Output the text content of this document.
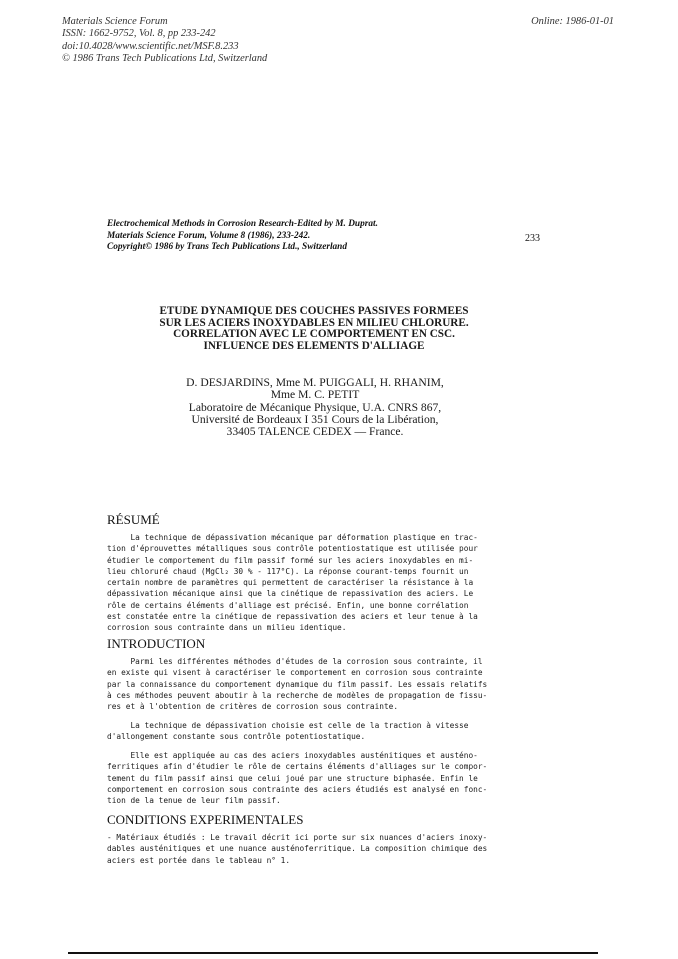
Materials Science Forum
ISSN: 1662-9752, Vol. 8, pp 233-242
doi:10.4028/www.scientific.net/MSF.8.233
© 1986 Trans Tech Publications Ltd, Switzerland
Online: 1986-01-01
Electrochemical Methods in Corrosion Research-Edited by M. Duprat.
Materials Science Forum, Volume 8 (1986), 233-242.
Copyright© 1986 by Trans Tech Publications Ltd., Switzerland
233
ETUDE DYNAMIQUE DES COUCHES PASSIVES FORMEES SUR LES ACIERS INOXYDABLES EN MILIEU CHLORURE. CORRELATION AVEC LE COMPORTEMENT EN CSC. INFLUENCE DES ELEMENTS D'ALLIAGE
D. DESJARDINS, Mme M. PUIGGALI, H. RHANIM,
Mme M. C. PETIT
Laboratoire de Mécanique Physique, U.A. CNRS 867,
Université de Bordeaux I 351 Cours de la Libération,
33405 TALENCE CEDEX — France.
RÉSUMÉ
La technique de dépassivation mécanique par déformation plastique en trac-
tion d'éprouvettes métalliques sous contrôle potentiostatique est utilisée pour
étudier le comportement du film passif formé sur les aciers inoxydables en mi-
lieu chloruré chaud (MgCl₂ 30 % - 117°C). La réponse courant-temps fournit un
certain nombre de paramètres qui permettent de caractériser la résistance à la
dépassivation mécanique ainsi que la cinétique de repassivation des aciers. Le
rôle de certains éléments d'alliage est précisé. Enfin, une bonne corrélation
est constatée entre la cinétique de repassivation des aciers et leur tenue à la
corrosion sous contrainte dans un milieu identique.
INTRODUCTION
Parmi les différentes méthodes d'études de la corrosion sous contrainte, il
en existe qui visent à caractériser le comportement en corrosion sous contrainte
par la connaissance du comportement dynamique du film passif. Les essais relatifs
à ces méthodes peuvent aboutir à la recherche de modèles de propagation de fissu-
res et à l'obtention de critères de corrosion sous contrainte.
La technique de dépassivation choisie est celle de la traction à vitesse
d'allongement constante sous contrôle potentiostatique.
Elle est appliquée au cas des aciers inoxydables austénitiques et austéno-
ferritiques afin d'étudier le rôle de certains éléments d'alliages sur le compor-
tement du film passif ainsi que celui joué par une structure biphasée. Enfin le
comportement en corrosion sous contrainte des aciers étudiés est analysé en fonc-
tion de la tenue de leur film passif.
CONDITIONS EXPERIMENTALES
- Matériaux étudiés : Le travail décrit ici porte sur six nuances d'aciers inoxy-
dables austénitiques et une nuance austénoferritique. La composition chimique des
aciers est portée dans le tableau n° 1.
